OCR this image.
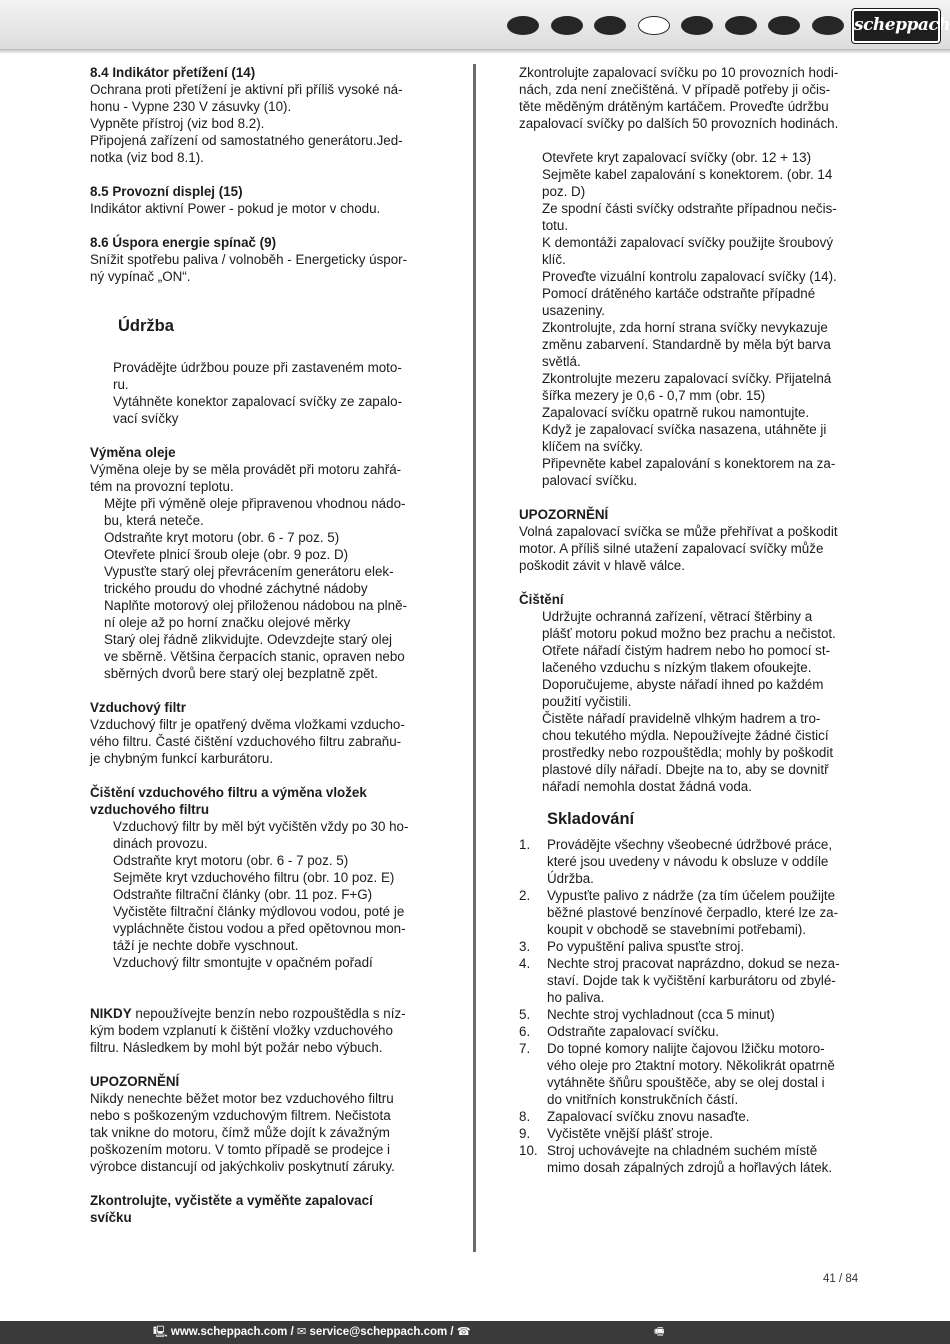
scheppach

8.4 Indikátor přetížení (14)

Ochrana proti přetížení je aktivní při příliš vysoké ná-

honu - Vypne 230 V zásuvky (10).

Vypněte přístroj (viz bod 8.2).

Připojená zařízení od samostatného generátoru.Jed-

notka (viz bod 8.1).

8.5 Provozní displej (15)

Indikátor aktivní Power - pokud je motor v chodu.

8.6 Úspora energie spínač (9)

Snížit spotřebu paliva / volnoběh - Energeticky úspor-

ný vypínač „ON“.

Údržba

Provádějte údržbou pouze při zastaveném moto-

ru.

Vytáhněte konektor zapalovací svíčky ze zapalo-

vací svíčky

Výměna oleje

Výměna oleje by se měla provádět při motoru zahřá-

tém na provozní teplotu.

Mějte při výměně oleje připravenou vhodnou nádo-

bu, která neteče.

Odstraňte kryt motoru (obr. 6 - 7 poz. 5)

Otevřete plnicí šroub oleje (obr. 9 poz. D)

Vypusťte starý olej převrácením generátoru elek-

trického proudu do vhodné záchytné nádoby

Naplňte motorový olej přiloženou nádobou na plně-

ní oleje až po horní značku olejové měrky

Starý olej řádně zlikvidujte. Odevzdejte starý olej

ve sběrně. Většina čerpacích stanic, opraven nebo

sběrných dvorů bere starý olej bezplatně zpět.

Vzduchový filtr

Vzduchový filtr je opatřený dvěma vložkami vzducho-

vého filtru. Časté čištění vzduchového filtru zabraňu-

je chybným funkcí karburátoru.

Čištění vzduchového filtru a výměna vložek

vzduchového filtru

Vzduchový filtr by měl být vyčištěn vždy po 30 ho-

dinách provozu.

Odstraňte kryt motoru (obr. 6 - 7 poz. 5)

Sejměte kryt vzduchového filtru (obr. 10 poz. E)

Odstraňte filtrační články (obr. 11 poz. F+G)

Vyčistěte filtrační články mýdlovou vodou, poté je

vypláchněte čistou vodou a před opětovnou mon-

táží je nechte dobře vyschnout.

Vzduchový filtr smontujte v opačném pořadí

NIKDY nepoužívejte benzín nebo rozpouštědla s níz-

kým bodem vzplanutí k čištění vložky vzduchového

filtru. Následkem by mohl být požár nebo výbuch.

UPOZORNĚNÍ

Nikdy nenechte běžet motor bez vzduchového filtru

nebo s poškozeným vzduchovým filtrem. Nečistota

tak vnikne do motoru, čímž může dojít k závažným

poškozením motoru. V tomto případě se prodejce i

výrobce distancují od jakýchkoliv poskytnutí záruky.

Zkontrolujte, vyčistěte a vyměňte zapalovací

svíčku

Zkontrolujte zapalovací svíčku po 10 provozních hodi-

nách, zda není znečištěná. V případě potřeby ji očis-

těte měděným drátěným kartáčem. Proveďte údržbu

zapalovací svíčky po dalších 50 provozních hodinách.

Otevřete kryt zapalovací svíčky (obr. 12 + 13)

Sejměte kabel zapalování s konektorem. (obr. 14

poz. D)

Ze spodní části svíčky odstraňte případnou nečis-

totu.

K demontáži zapalovací svíčky použijte šroubový

klíč.

Proveďte vizuální kontrolu zapalovací svíčky (14).

Pomocí drátěného kartáče odstraňte případné

usazeniny.

Zkontrolujte, zda horní strana svíčky nevykazuje

změnu zabarvení. Standardně by měla být barva

světlá.

Zkontrolujte mezeru zapalovací svíčky. Přijatelná

šířka mezery je 0,6 - 0,7 mm (obr. 15)

Zapalovací svíčku opatrně rukou namontujte.

Když je zapalovací svíčka nasazena, utáhněte ji

klíčem na svíčky.

Připevněte kabel zapalování s konektorem na za-

palovací svíčku.

UPOZORNĚNÍ

Volná zapalovací svíčka se může přehřívat a poškodit

motor. A příliš silné utažení zapalovací svíčky může

poškodit závit v hlavě válce.

Čištění

Udržujte ochranná zařízení, větrací štěrbiny a

plášť motoru pokud možno bez prachu a nečistot.

Otřete nářadí čistým hadrem nebo ho pomocí st-

lačeného vzduchu s nízkým tlakem ofoukejte.

Doporučujeme, abyste nářadí ihned po každém

použití vyčistili.

Čistěte nářadí pravidelně vlhkým hadrem a tro-

chou tekutého mýdla. Nepoužívejte žádné čisticí

prostředky nebo rozpouštědla; mohly by poškodit

plastové díly nářadí. Dbejte na to, aby se dovnitř

nářadí nemohla dostat žádná voda.

Skladování

1.	Provádějte všechny všeobecné údržbové práce,

které jsou uvedeny v návodu k obsluze v oddíle

Údržba.

2.	Vypusťte palivo z nádrže (za tím účelem použijte

běžné plastové benzínové čerpadlo, které lze za-

koupit v obchodě se stavebními potřebami).

3.	Po vypuštění paliva spusťte stroj.

4.	Nechte stroj pracovat naprázdno, dokud se neza-

staví. Dojde tak k vyčištění karburátoru od zbylé-

ho paliva.

5.	Nechte stroj vychladnout (cca 5 minut)

6.	Odstraňte zapalovací svíčku.

7.	Do topné komory nalijte čajovou lžičku motoro-

vého oleje pro 2taktní motory. Několikrát opatrně

vytáhněte šňůru spouštěče, aby se olej dostal i

do vnitřních konstrukčních částí.

8.	Zapalovací svíčku znovu nasaďte.

9.	Vyčistěte vnější plášť stroje.

10. Stroj uchovávejte na chladném suchém místě

mimo dosah zápalných zdrojů a hořlavých látek.

41 / 84
🖳 www.scheppach.com / ✉ service@scheppach.com / ☎	🖷
